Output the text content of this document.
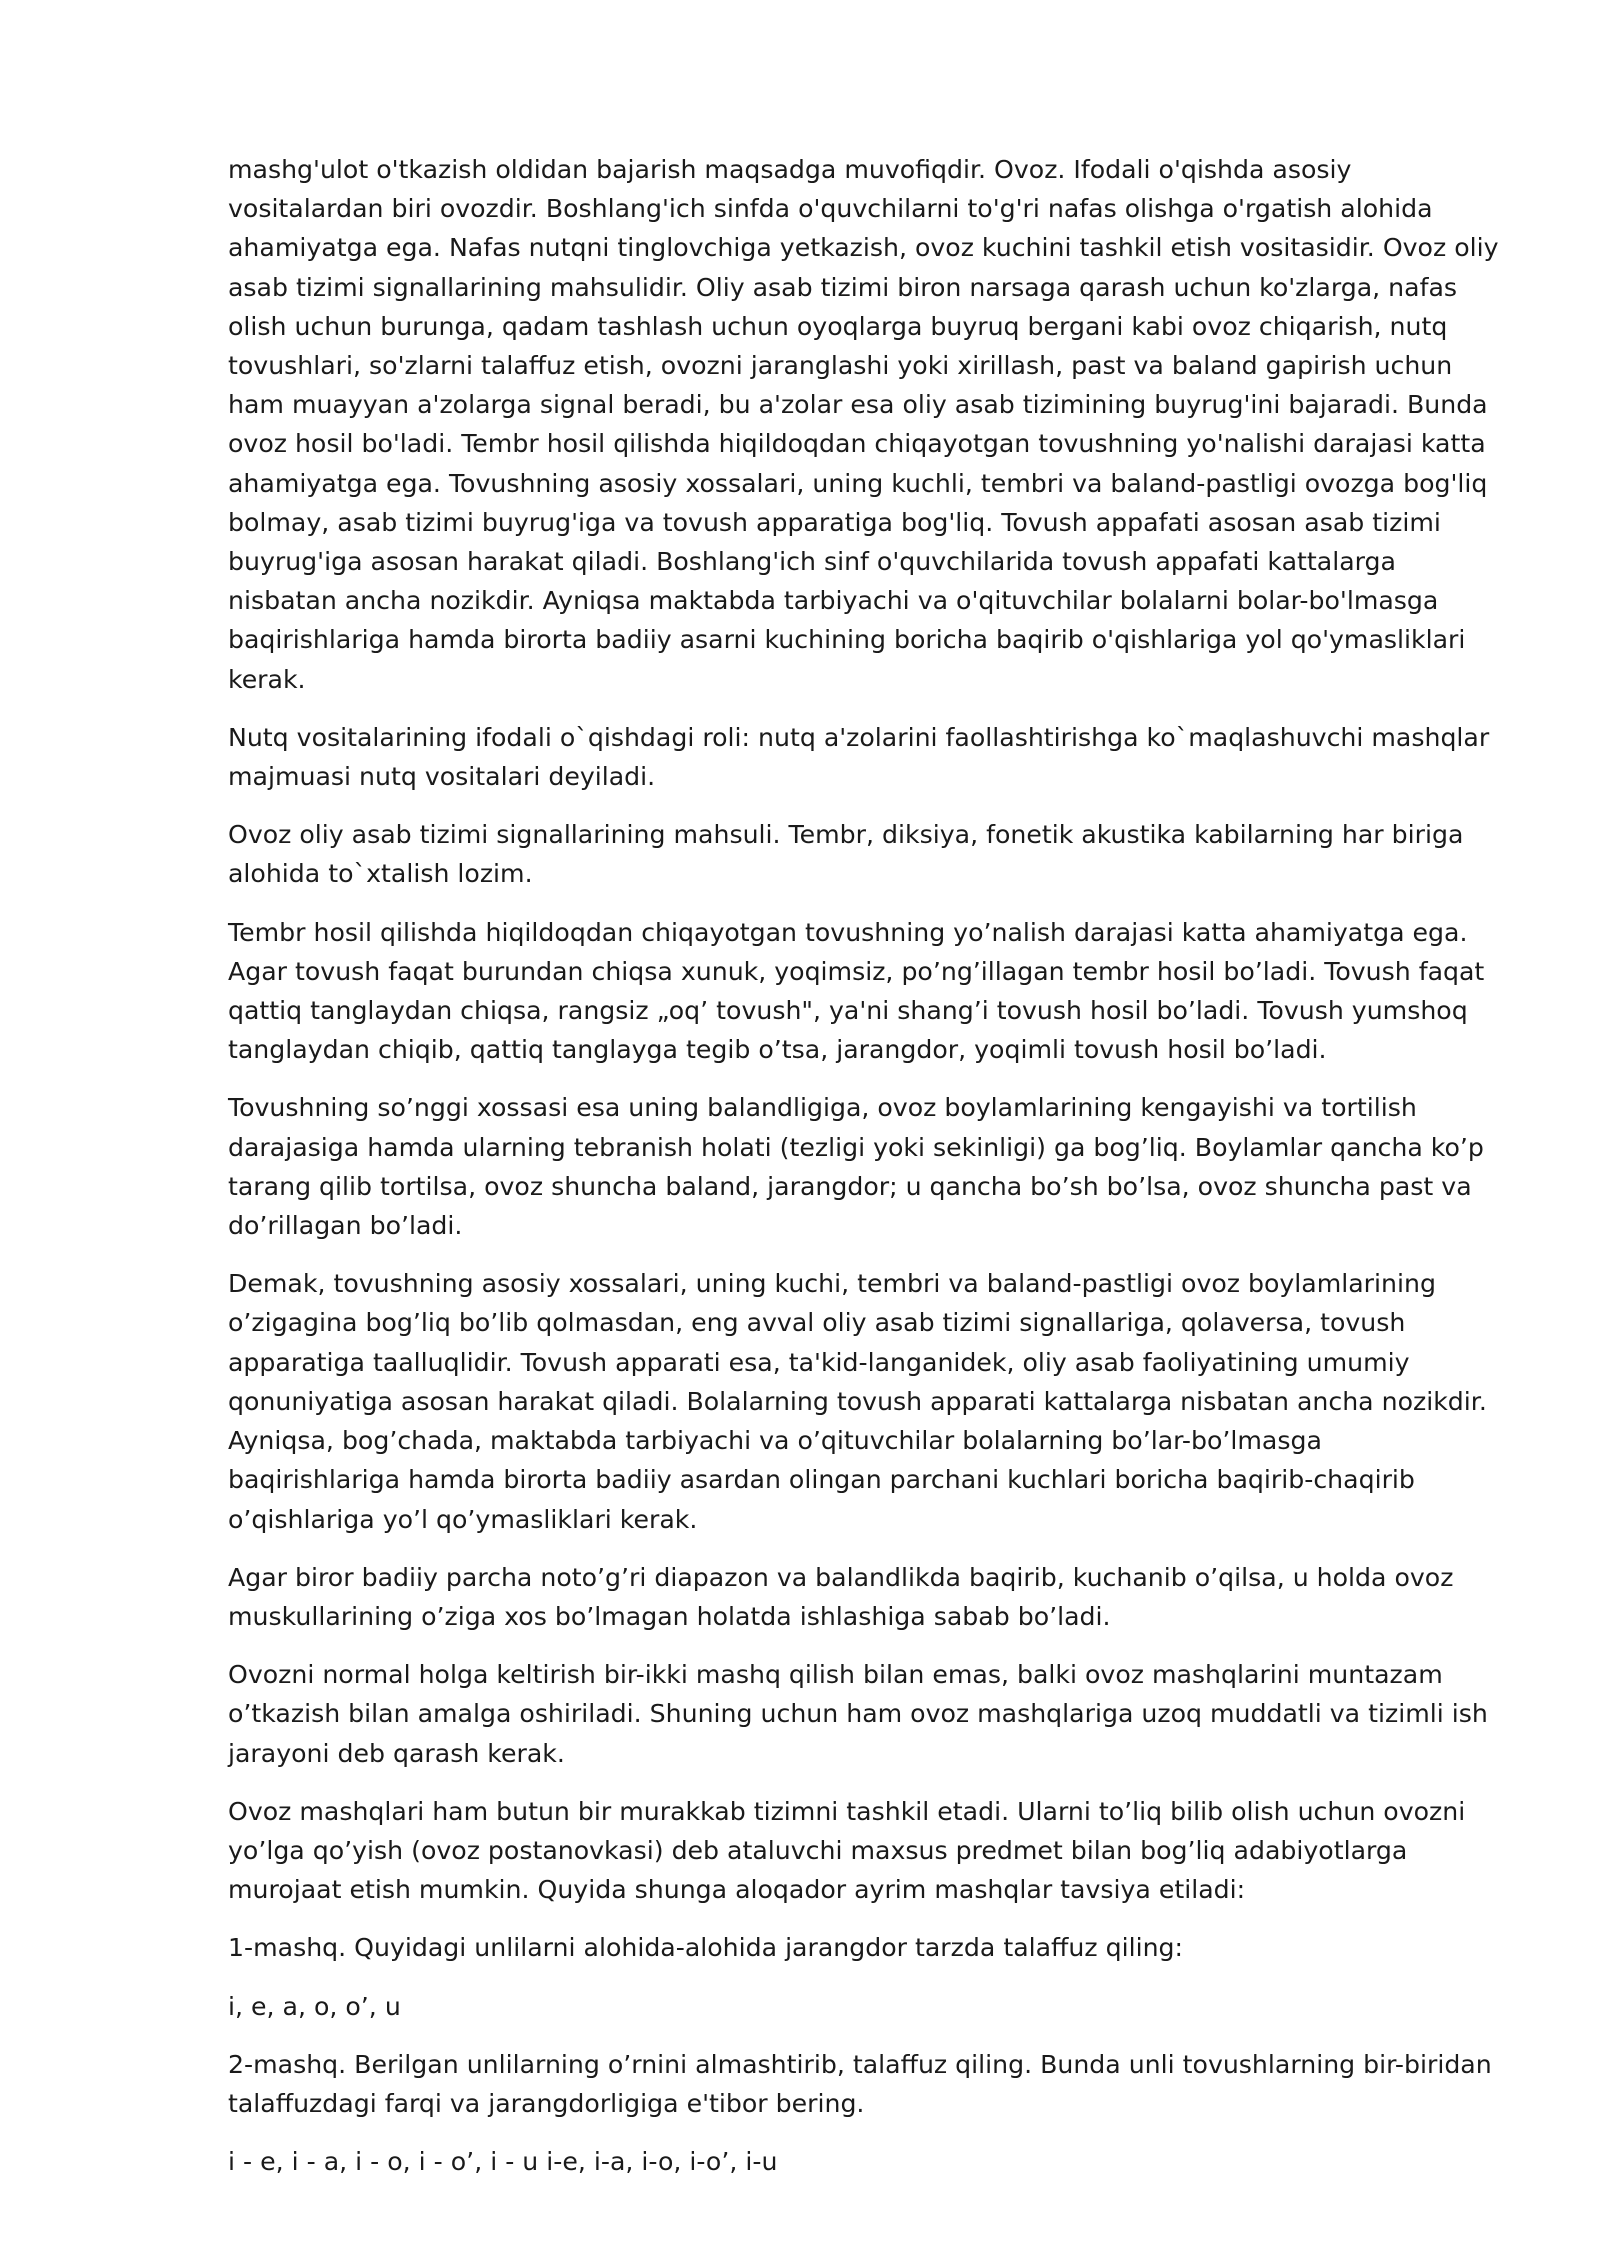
mashg'ulot o'tkazish oldidan bajarish maqsadga muvofiqdir. Ovoz. Ifodali o'qishda asosiy vositalardan biri ovozdir. Boshlang'ich sinfda o'quvchilarni to'g'ri nafas olishga o'rgatish alohida ahamiyatga ega. Nafas nutqni tinglovchiga yetkazish, ovoz kuchini tashkil etish vositasidir. Ovoz oliy asab tizimi signallarining mahsulidir. Oliy asab tizimi biron narsaga qarash uchun ko'zlarga, nafas olish uchun burunga, qadam tashlash uchun oyoqlarga buyruq bergani kabi ovoz chiqarish, nutq tovushlari, so'zlarni talaffuz etish, ovozni jaranglashi yoki xirillash, past va baland gapirish uchun ham muayyan a'zolarga signal beradi, bu a'zolar esa oliy asab tizimining buyrug'ini bajaradi. Bunda ovoz hosil bo'ladi. Tembr hosil qilishda hiqildoqdan chiqayotgan tovushning yo'nalishi darajasi katta ahamiyatga ega. Tovushning asosiy xossalari, uning kuchli, tembri va baland-pastligi ovozga bog'liq bolmay, asab tizimi buyrug'iga va tovush apparatiga bog'liq. Tovush appafati asosan asab tizimi buyrug'iga asosan harakat qiladi. Boshlang'ich sinf o'quvchilarida tovush appafati kattalarga nisbatan ancha nozikdir. Ayniqsa maktabda tarbiyachi va o'qituvchilar bolalarni bolar-bo'lmasga baqirishlariga hamda birorta badiiy asarni kuchining boricha baqirib o'qishlariga yol qo'ymasliklari kerak.

Nutq vositalarining ifodali o`qishdagi roli: nutq a'zolarini faollashtirishga ko`maqlashuvchi mashqlar majmuasi nutq vositalari deyiladi.

Ovoz oliy asab tizimi signallarining mahsuli. Tembr, diksiya, fonetik akustika kabilarning har biriga alohida to`xtalish lozim.

Tembr hosil qilishda hiqildoqdan chiqayotgan tovushning yo’nalish darajasi katta ahamiyatga ega. Agar tovush faqat burundan chiqsa xunuk, yoqimsiz, po’ng’illagan tembr hosil bo’ladi. Tovush faqat qattiq tanglaydan chiqsa, rangsiz „oq’ tovush", ya'ni shang’i tovush hosil bo’ladi. Tovush yumshoq tanglaydan chiqib, qattiq tanglayga tegib o’tsa, jarangdor, yoqimli tovush hosil bo’ladi.

Tovushning so’nggi xossasi esa uning balandligiga, ovoz boylamlarining kengayishi va tortilish darajasiga hamda ularning tebranish holati (tezligi yoki sekinligi) ga bog’liq. Boylamlar qancha ko’p tarang qilib tortilsa, ovoz shuncha baland, jarangdor; u qancha bo’sh bo’lsa, ovoz shuncha past va do’rillagan bo’ladi.

Demak, tovushning asosiy xossalari, uning kuchi, tembri va baland-pastligi ovoz boylamlarining o’zigagina bog’liq bo’lib qolmasdan, eng avval oliy asab tizimi signallariga, qolaversa, tovush apparatiga taalluqlidir. Tovush apparati esa, ta'kid-langanidek, oliy asab faoliyatining umumiy qonuniyatiga asosan harakat qiladi. Bolalarning tovush apparati kattalarga nisbatan ancha nozikdir. Ayniqsa, bog’chada, maktabda tarbiyachi va o’qituvchilar bolalarning bo’lar-bo’lmasga baqirishlariga hamda birorta badiiy asardan olingan parchani kuchlari boricha baqirib-chaqirib o’qishlariga yo’l qo’ymasliklari kerak.

Agar biror badiiy parcha noto’g’ri diapazon va balandlikda baqirib, kuchanib o’qilsa, u holda ovoz muskullarining o’ziga xos bo’lmagan holatda ishlashiga sabab bo’ladi.

Ovozni normal holga keltirish bir-ikki mashq qilish bilan emas, balki ovoz mashqlarini muntazam o’tkazish bilan amalga oshiriladi. Shuning uchun ham ovoz mashqlariga uzoq muddatli va tizimli ish jarayoni deb qarash kerak.

Ovoz mashqlari ham butun bir murakkab tizimni tashkil etadi. Ularni to’liq bilib olish uchun ovozni yo’lga qo’yish (ovoz postanovkasi) deb ataluvchi maxsus predmet bilan bog’liq adabiyotlarga murojaat etish mumkin. Quyida shunga aloqador ayrim mashqlar tavsiya etiladi:

1-mashq. Quyidagi unlilarni alohida-alohida jarangdor tarzda talaffuz qiling:

i, e, a, o, o’, u

2-mashq. Berilgan unlilarning o’rnini almashtirib, talaffuz qiling. Bunda unli tovushlarning bir-biridan talaffuzdagi farqi va jarangdorligiga e'tibor bering.

i - e, i - a, i - o, i - o’, i - u i-e, i-a, i-o, i-o’, i-u
